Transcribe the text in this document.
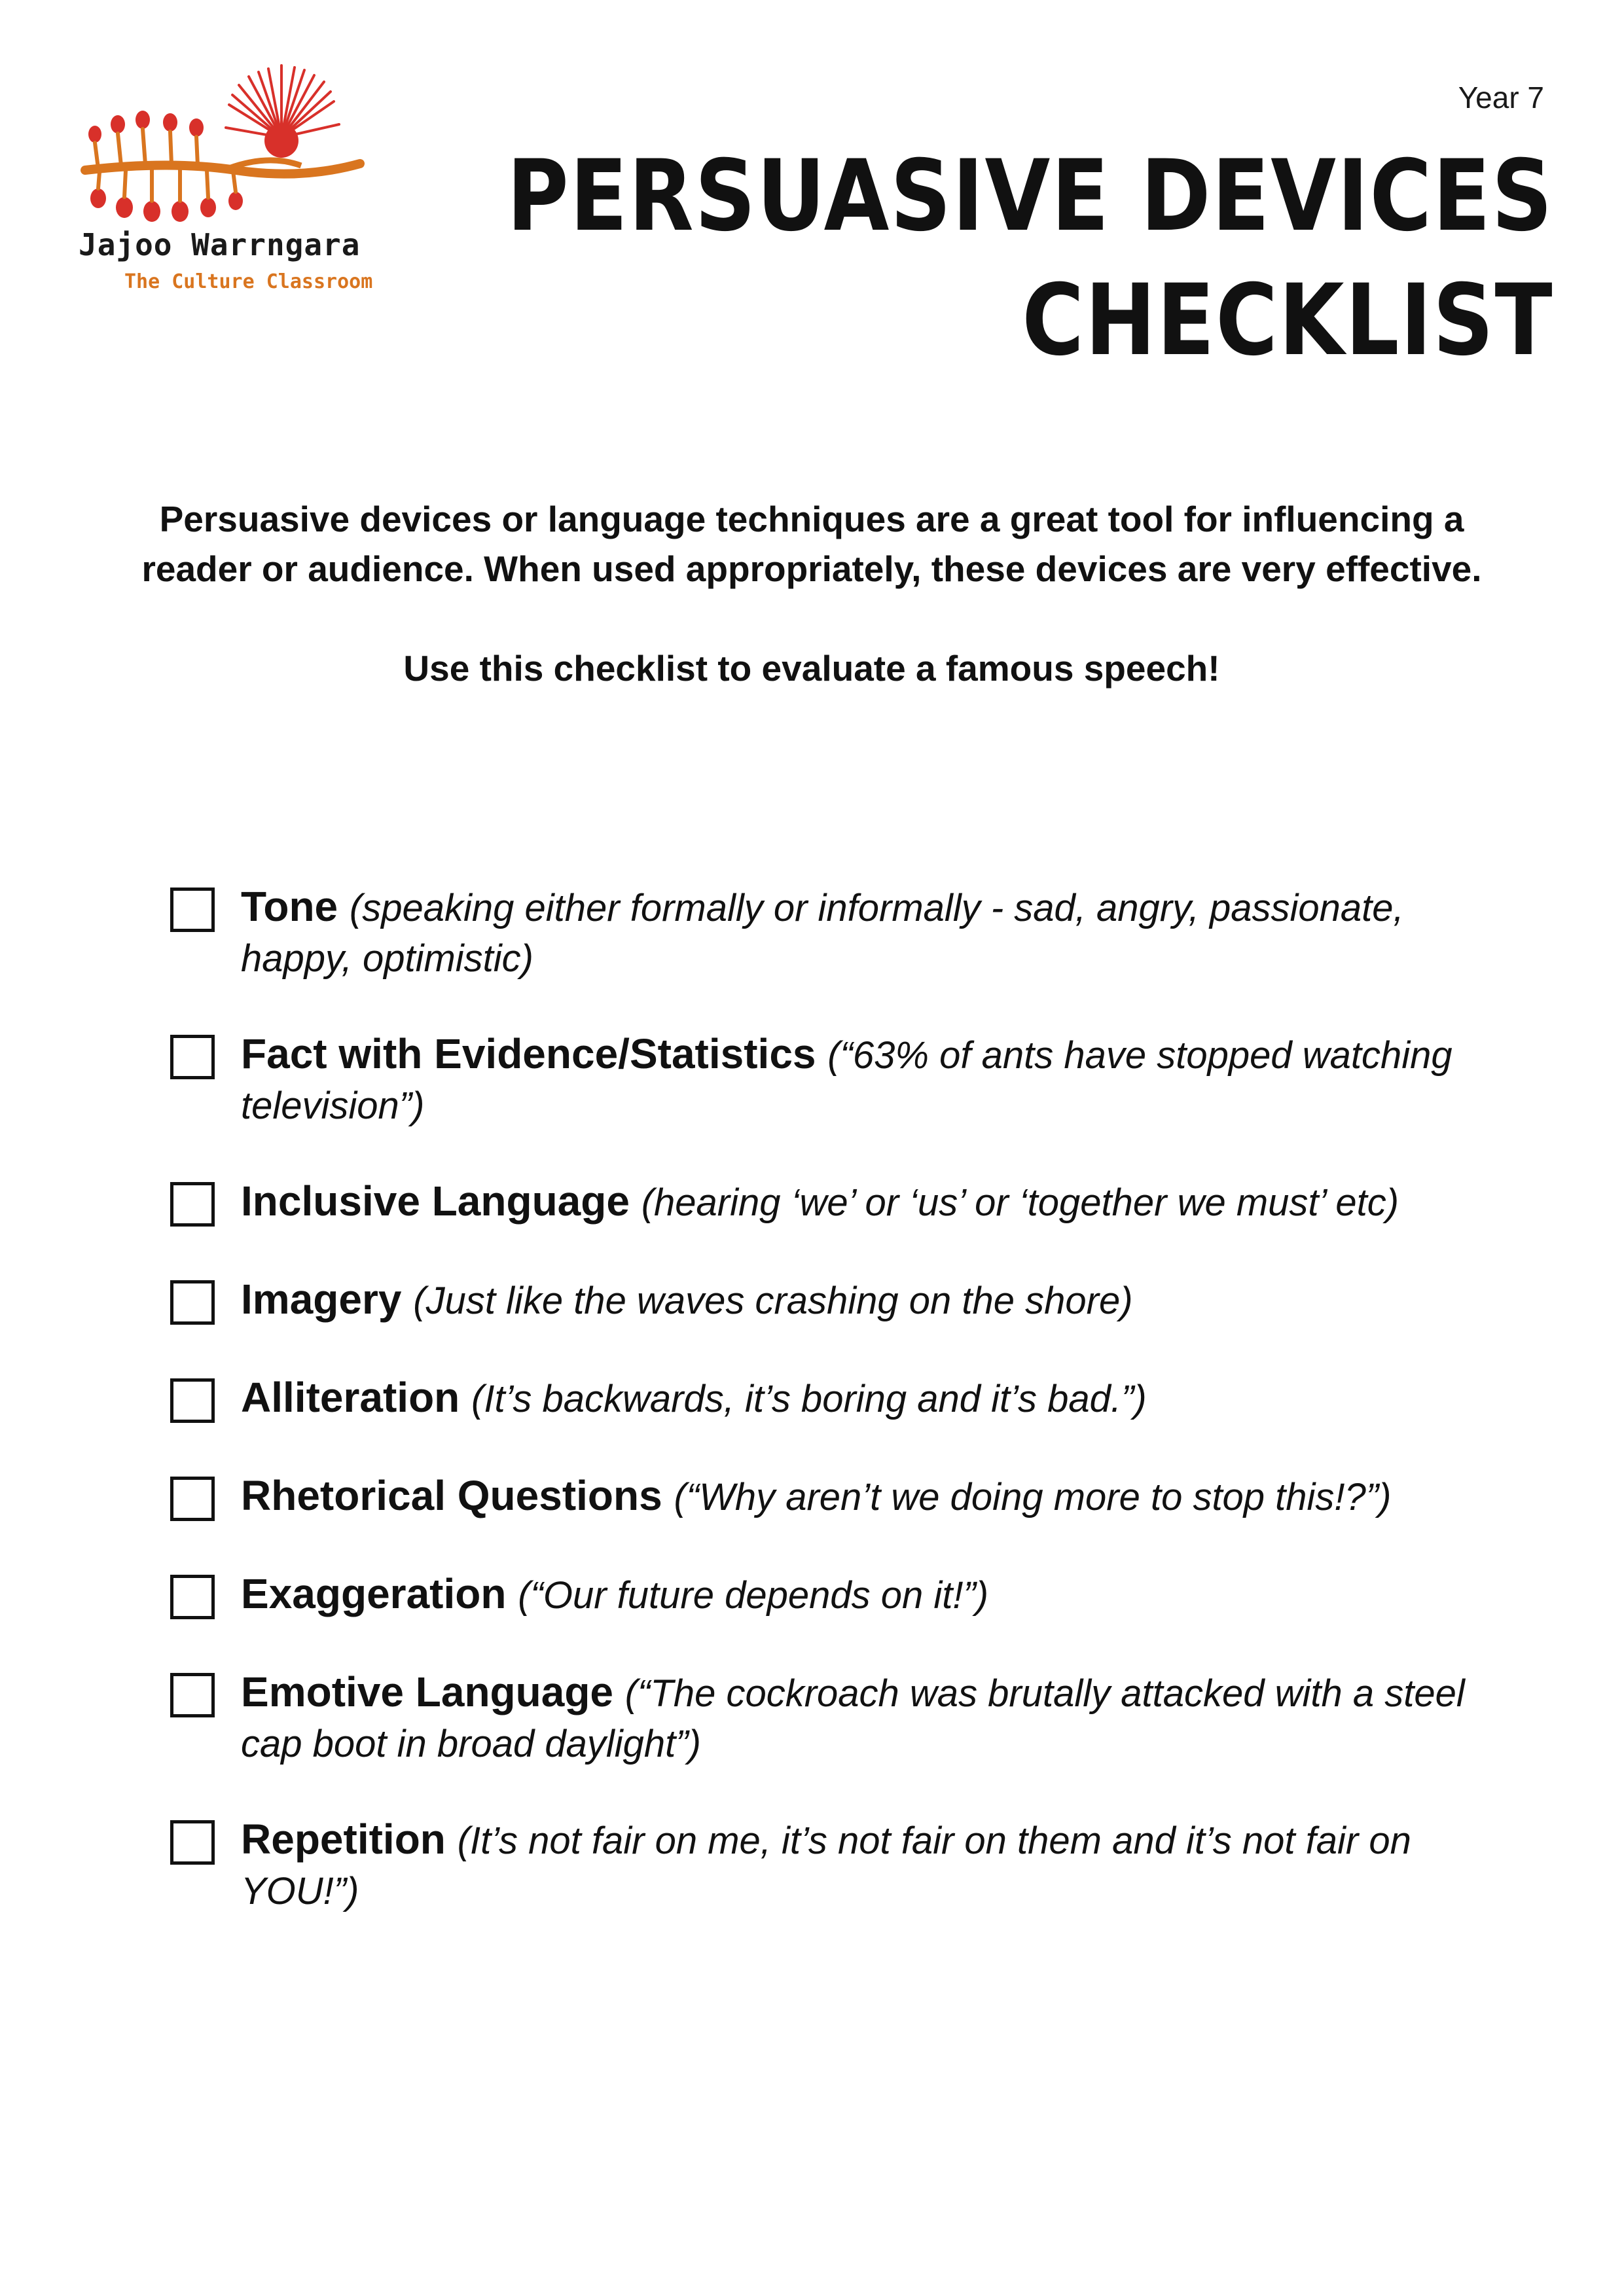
Jajoo Warrngara
The Culture Classroom
Year 7
PERSUASIVE DEVICES
CHECKLIST

Persuasive devices or language techniques are a great tool for influencing a reader or audience. When used appropriately, these devices are very effective.

Use this checklist to evaluate a famous speech!

Tone (speaking either formally or informally - sad, angry, passionate, happy, optimistic)
Fact with Evidence/Statistics (“63% of ants have stopped watching television”)
Inclusive Language (hearing ‘we’ or ‘us’ or ‘together we must’ etc)
Imagery (Just like the waves crashing on the shore)
Alliteration (It’s backwards, it’s boring and it’s bad.”)
Rhetorical Questions (“Why aren’t we doing more to stop this!?”)
Exaggeration (“Our future depends on it!”)
Emotive Language (“The cockroach was brutally attacked with a steel cap boot in broad daylight”)
Repetition (It’s not fair on me, it’s not fair on them and it’s not fair on YOU!”)
